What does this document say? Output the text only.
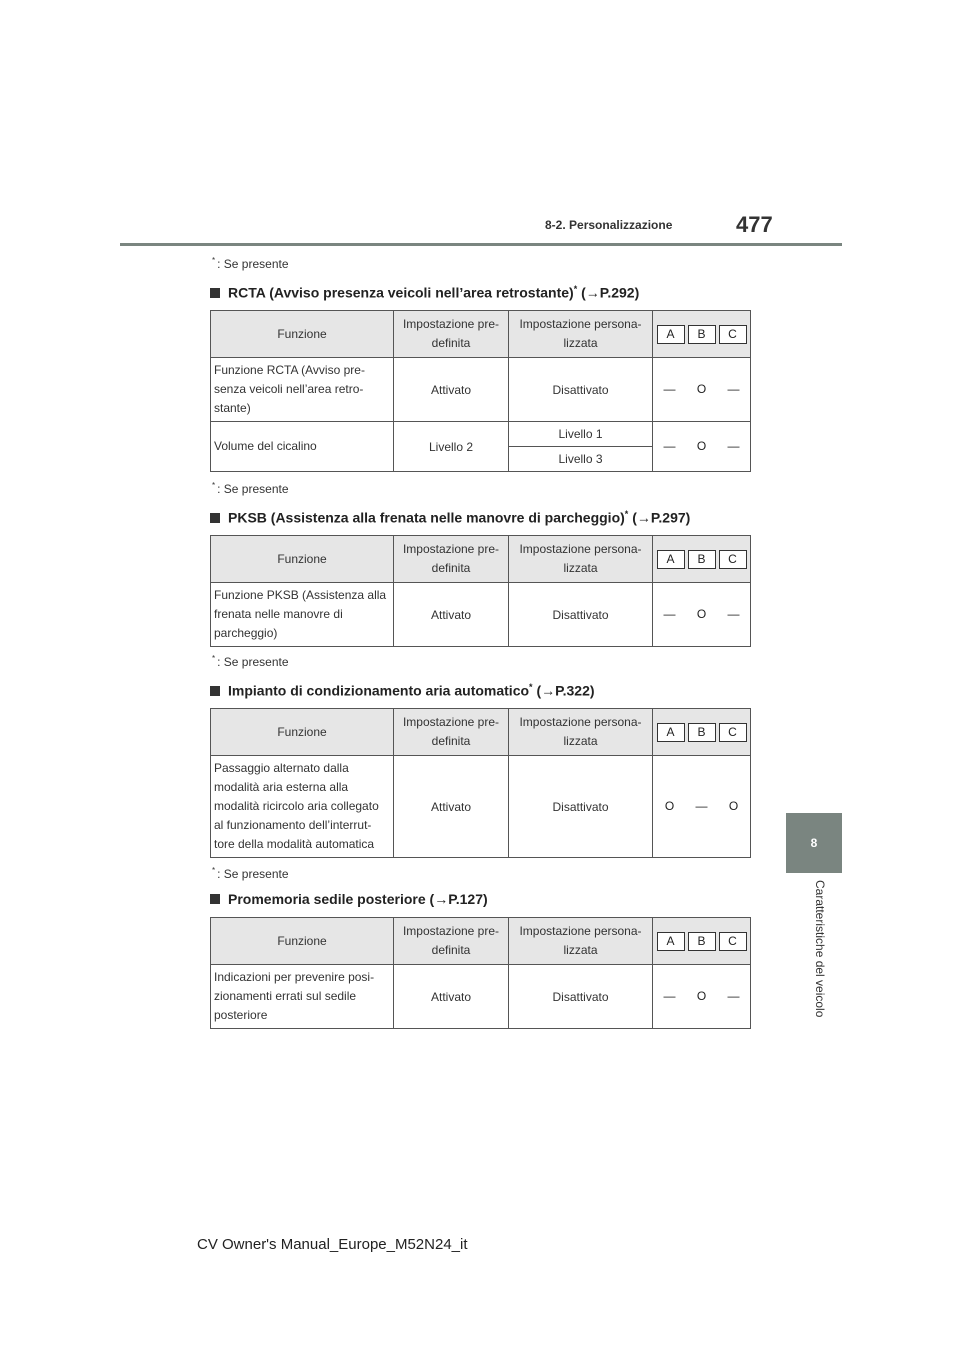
8-2. Personalizzazione	477
8
Caratteristiche del veicolo
* : Se presente
RCTA (Avviso presenza veicoli nell’area retrostante)* (→P.292)
Funzione	Impostazione pre-definita	Impostazione persona-lizzata	A B C

Funzione RCTA (Avviso pre-senza veicoli nell’area retro-stante)	Attivato	Disattivato	— O —

Volume del cicalino	Livello 2	Livello 1	— O —

		Livello 3	
* : Se presente
PKSB (Assistenza alla frenata nelle manovre di parcheggio)* (→P.297)
Funzione	Impostazione pre-definita	Impostazione persona-lizzata	A B C

Funzione PKSB (Assistenza alla frenata nelle manovre di parcheggio)	Attivato	Disattivato	— O —
* : Se presente
Impianto di condizionamento aria automatico* (→P.322)
Funzione	Impostazione pre-definita	Impostazione persona-lizzata	A B C

Passaggio alternato dalla modalità aria esterna alla modalità ricircolo aria collegato al funzionamento dell’interrut-tore della modalità automatica	Attivato	Disattivato	O — O
* : Se presente
Promemoria sedile posteriore (→P.127)
Funzione	Impostazione pre-definita	Impostazione persona-lizzata	A B C

Indicazioni per prevenire posi-zionamenti errati sul sedile posteriore	Attivato	Disattivato	— O —
CV Owner's Manual_Europe_M52N24_it
